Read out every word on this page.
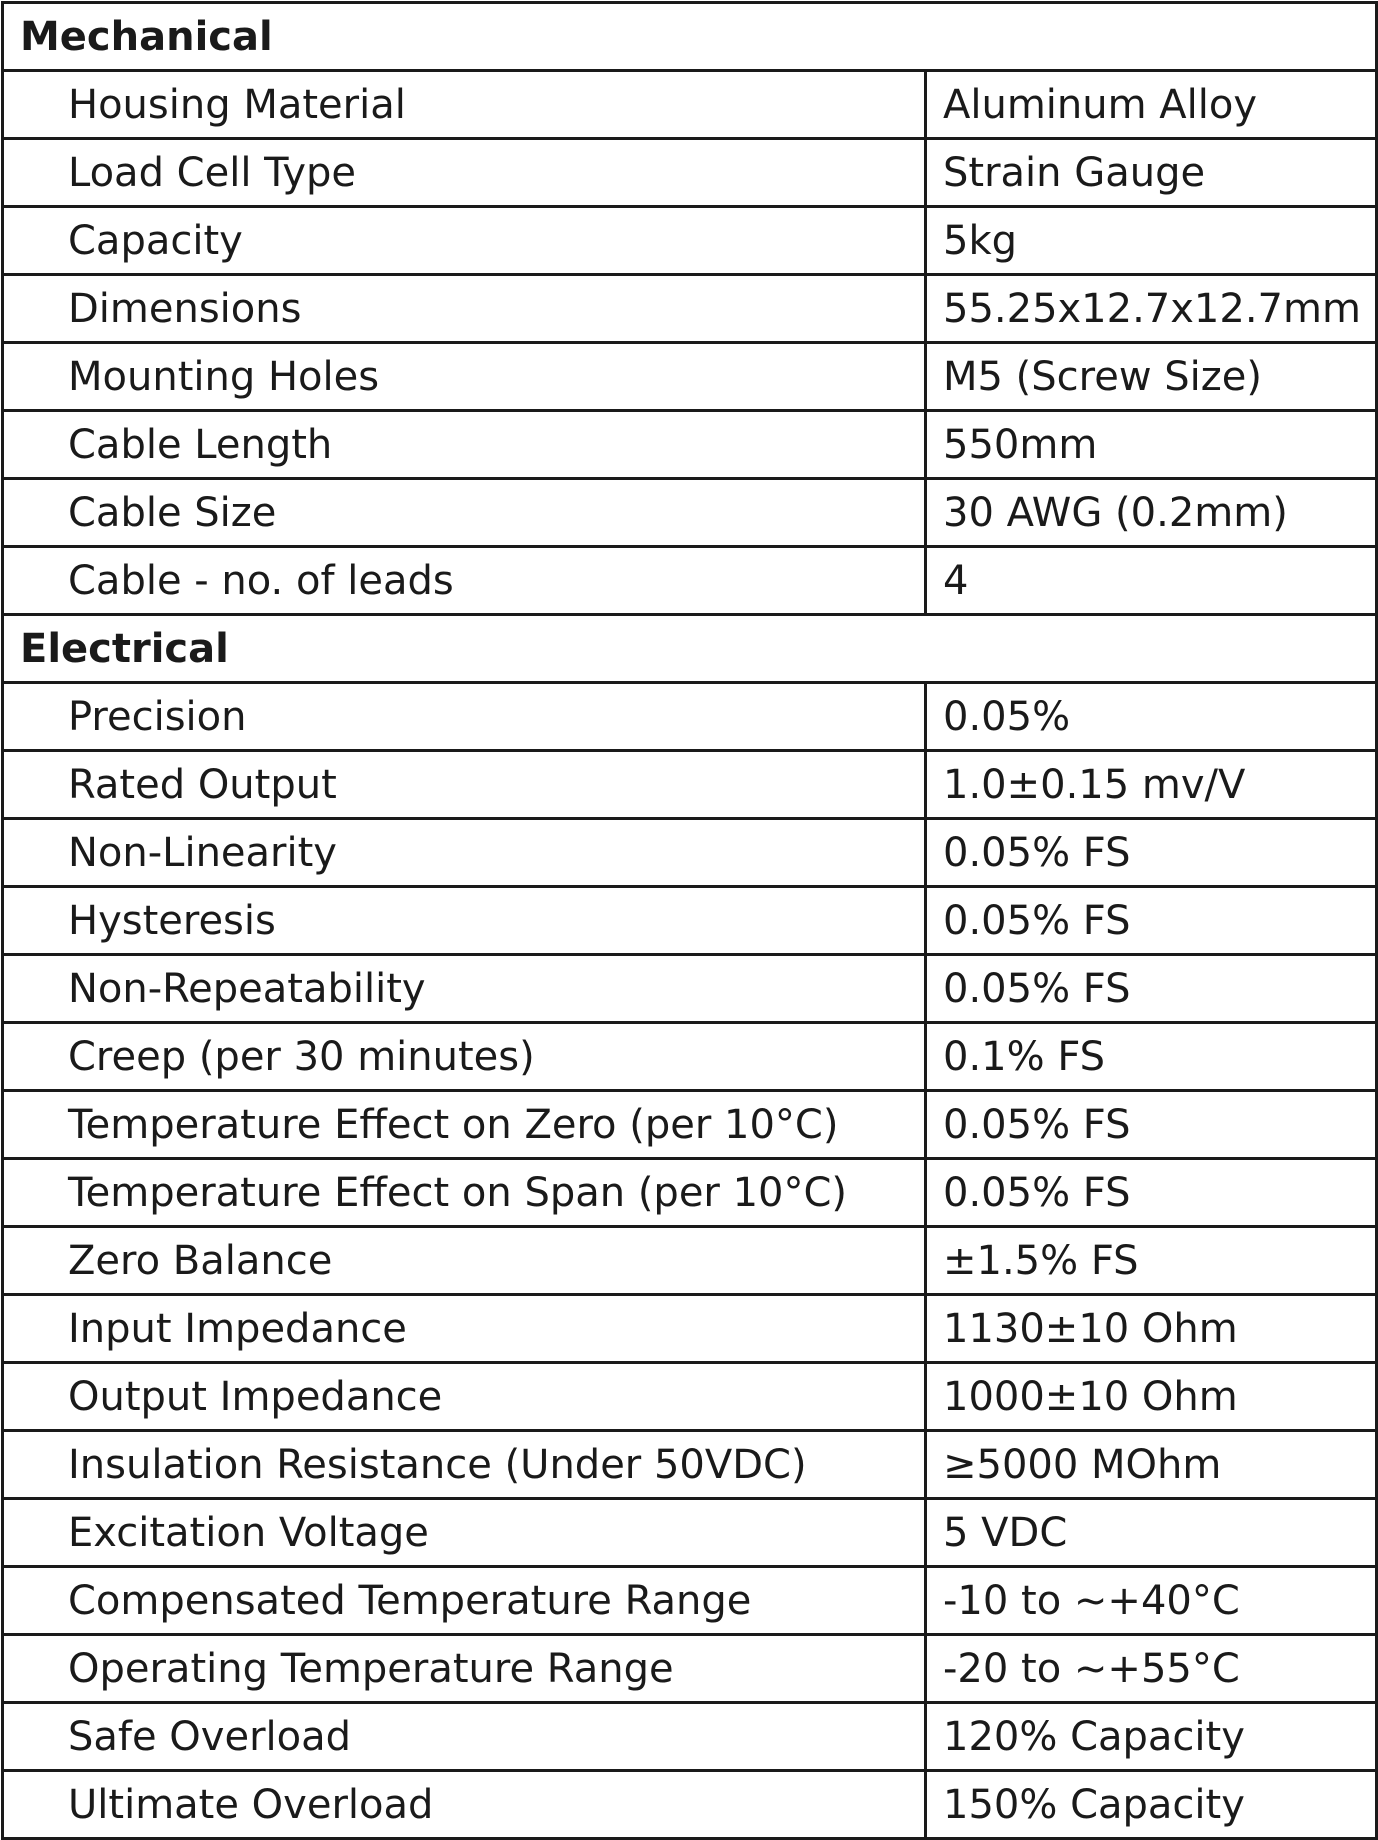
Mechanical	
Housing Material	Aluminum Alloy
Load Cell Type	Strain Gauge
Capacity	5kg
Dimensions	55.25x12.7x12.7mm
Mounting Holes	M5 (Screw Size)
Cable Length	550mm
Cable Size	30 AWG (0.2mm)
Cable - no. of leads	4
Electrical	
Precision	0.05%
Rated Output	1.0±0.15 mv/V
Non-Linearity	0.05% FS
Hysteresis	0.05% FS
Non-Repeatability	0.05% FS
Creep (per 30 minutes)	0.1% FS
Temperature Effect on Zero (per 10°C)	0.05% FS
Temperature Effect on Span (per 10°C)	0.05% FS
Zero Balance	±1.5% FS
Input Impedance	1130±10 Ohm
Output Impedance	1000±10 Ohm
Insulation Resistance (Under 50VDC)	≥5000 MOhm
Excitation Voltage	5 VDC
Compensated Temperature Range	-10 to ~+40°C
Operating Temperature Range	-20 to ~+55°C
Safe Overload	120% Capacity
Ultimate Overload	150% Capacity
